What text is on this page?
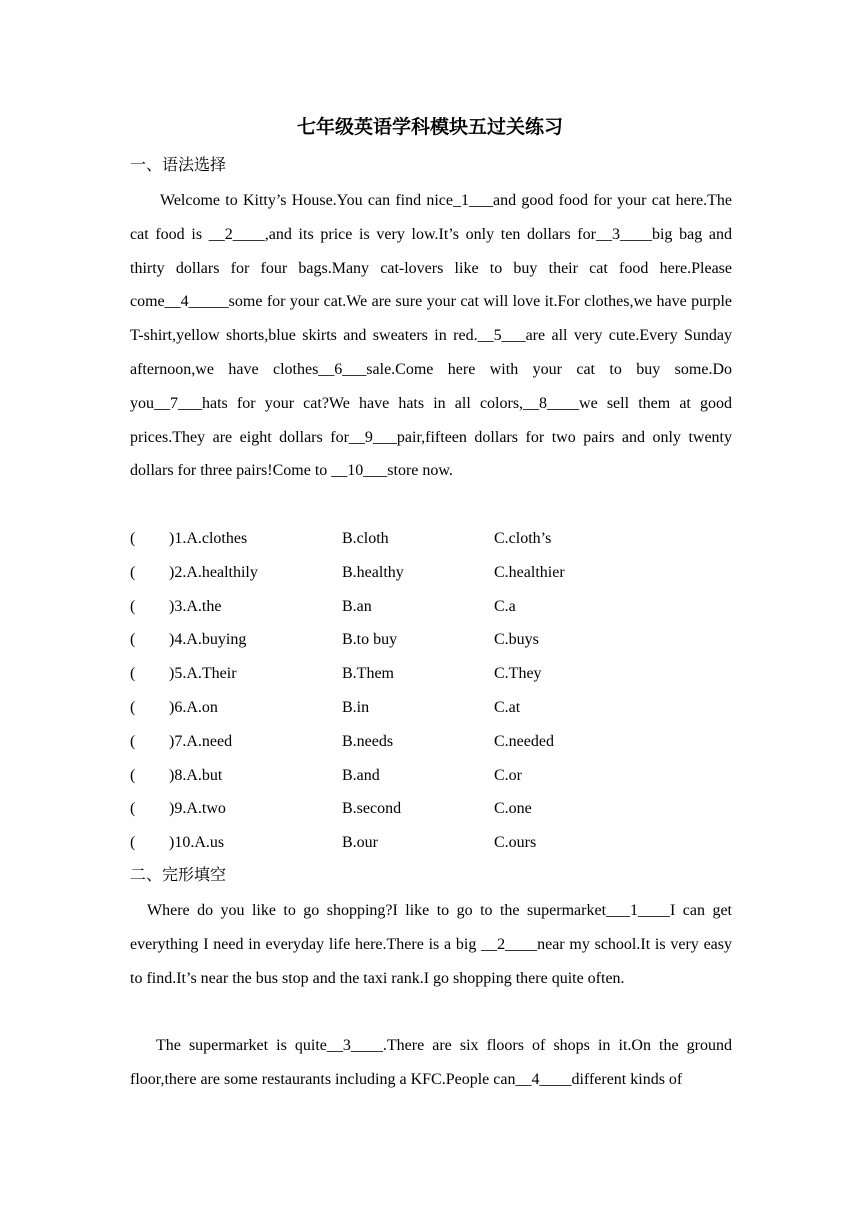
七年级英语学科模块五过关练习
一、语法选择
Welcome to Kitty’s House.You can find nice_1___and good food for your cat here.The cat food is __2____,and its price is very low.It’s only ten dollars for__3____big bag and thirty dollars for four bags.Many cat-lovers like to buy their cat food here.Please come__4_____some for your cat.We are sure your cat will love it.For clothes,we have purple T-shirt,yellow shorts,blue skirts and sweaters in red.__5___are all very cute.Every Sunday afternoon,we have clothes__6___sale.Come here with your cat to buy some.Do you__7___hats for your cat?We have hats in all colors,__8____we sell them at good prices.They are eight dollars for__9___pair,fifteen dollars for two pairs and only twenty dollars for three pairs!Come to __10___store now.
( )1.A.clothes	B.cloth	C.cloth’s
( )2.A.healthily	B.healthy	C.healthier
( )3.A.the	B.an	C.a
( )4.A.buying	B.to buy	C.buys
( )5.A.Their	B.Them	C.They
( )6.A.on	B.in	C.at
( )7.A.need	B.needs	C.needed
( )8.A.but	B.and	C.or
( )9.A.two	B.second	C.one
( )10.A.us	B.our	C.ours
二、完形填空
Where do you like to go shopping?I like to go to the supermarket___1____I can get everything I need in everyday life here.There is a big __2____near my school.It is very easy to find.It’s near the bus stop and the taxi rank.I go shopping there quite often.
The supermarket is quite__3____.There are six floors of shops in it.On the ground floor,there are some restaurants including a KFC.People can__4____different kinds of
